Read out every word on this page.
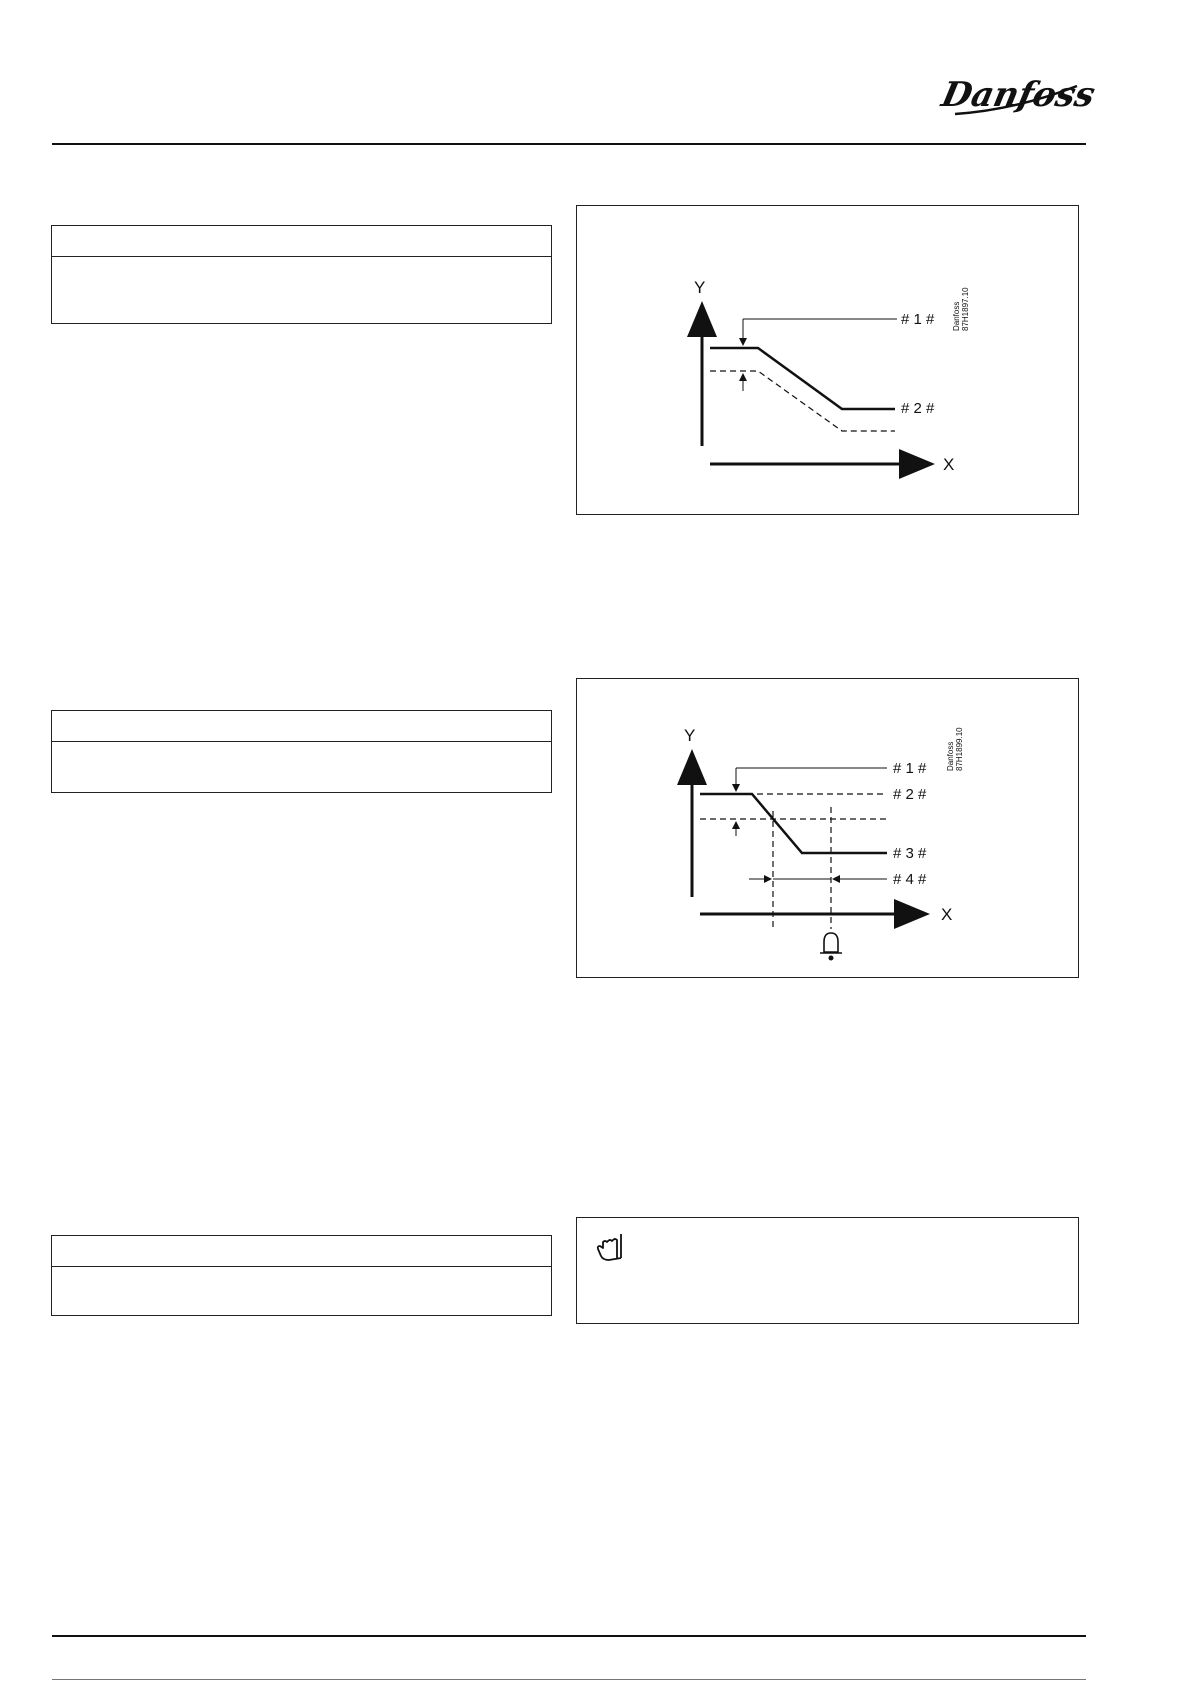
Danfoss
Y
X
# 1 #
# 2 #
Danfoss 87H1897.10
Y
X
# 1 #
# 2 #
# 3 #
# 4 #
Danfoss 87H1899.10
